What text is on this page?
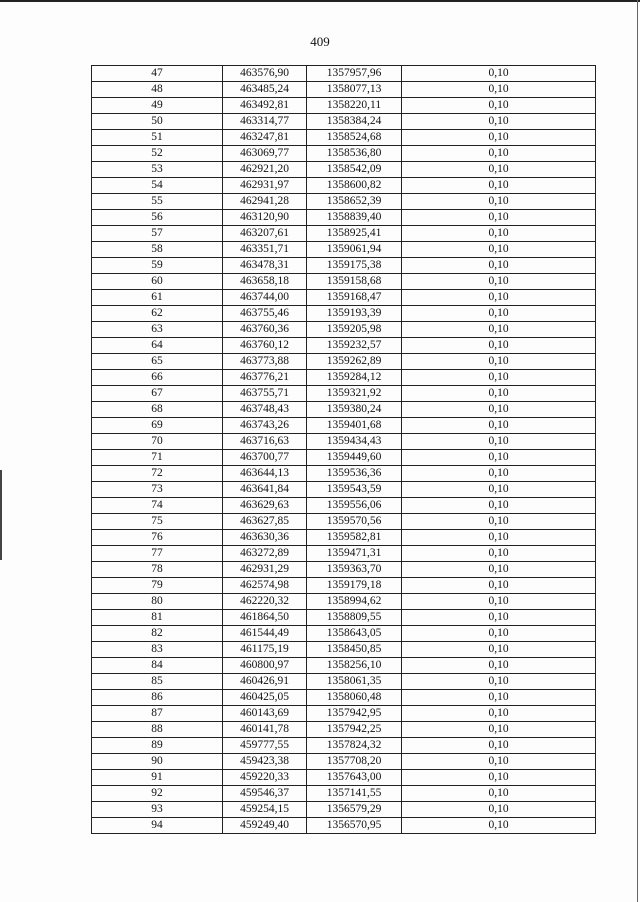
409
47	463576,90	1357957,96	0,10
48	463485,24	1358077,13	0,10
49	463492,81	1358220,11	0,10
50	463314,77	1358384,24	0,10
51	463247,81	1358524,68	0,10
52	463069,77	1358536,80	0,10
53	462921,20	1358542,09	0,10
54	462931,97	1358600,82	0,10
55	462941,28	1358652,39	0,10
56	463120,90	1358839,40	0,10
57	463207,61	1358925,41	0,10
58	463351,71	1359061,94	0,10
59	463478,31	1359175,38	0,10
60	463658,18	1359158,68	0,10
61	463744,00	1359168,47	0,10
62	463755,46	1359193,39	0,10
63	463760,36	1359205,98	0,10
64	463760,12	1359232,57	0,10
65	463773,88	1359262,89	0,10
66	463776,21	1359284,12	0,10
67	463755,71	1359321,92	0,10
68	463748,43	1359380,24	0,10
69	463743,26	1359401,68	0,10
70	463716,63	1359434,43	0,10
71	463700,77	1359449,60	0,10
72	463644,13	1359536,36	0,10
73	463641,84	1359543,59	0,10
74	463629,63	1359556,06	0,10
75	463627,85	1359570,56	0,10
76	463630,36	1359582,81	0,10
77	463272,89	1359471,31	0,10
78	462931,29	1359363,70	0,10
79	462574,98	1359179,18	0,10
80	462220,32	1358994,62	0,10
81	461864,50	1358809,55	0,10
82	461544,49	1358643,05	0,10
83	461175,19	1358450,85	0,10
84	460800,97	1358256,10	0,10
85	460426,91	1358061,35	0,10
86	460425,05	1358060,48	0,10
87	460143,69	1357942,95	0,10
88	460141,78	1357942,25	0,10
89	459777,55	1357824,32	0,10
90	459423,38	1357708,20	0,10
91	459220,33	1357643,00	0,10
92	459546,37	1357141,55	0,10
93	459254,15	1356579,29	0,10
94	459249,40	1356570,95	0,10
